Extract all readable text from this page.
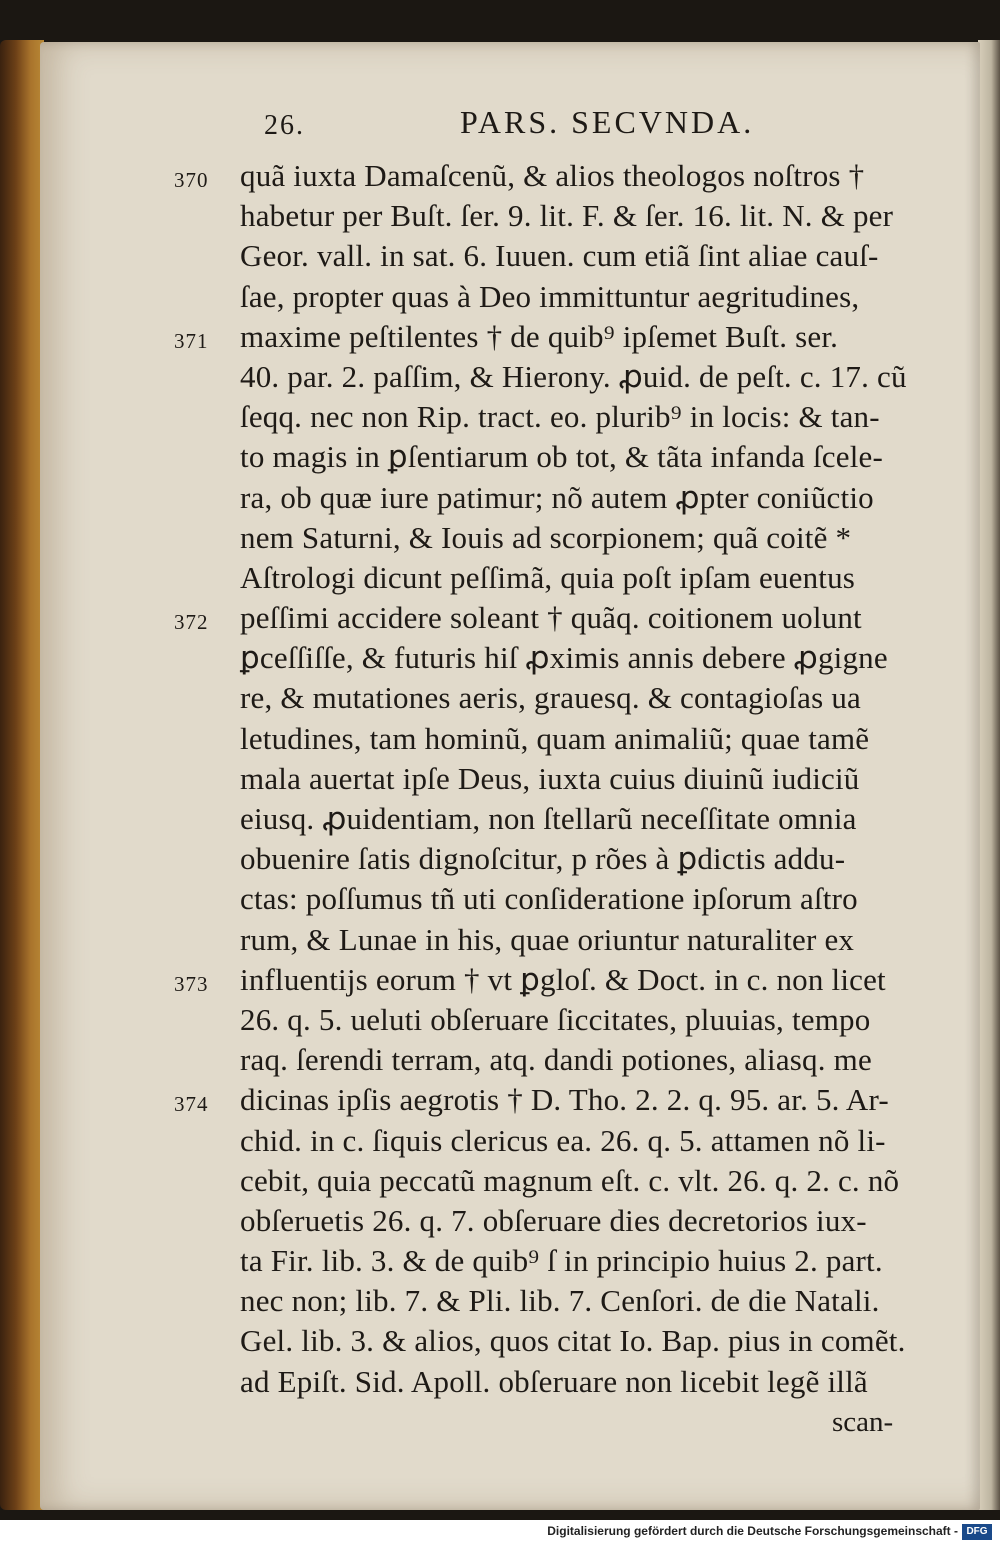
26.	PARS. SECVNDA.
370 quã iuxta Damaſcenũ, & alios theologos noſtros †
habetur per Buſt. ſer. 9. lit. F. & ſer. 16. lit. N. & per
Geor. vall. in sat. 6. Iuuen. cum etiã ſint aliae cauſ-
ſae, propter quas à Deo immittuntur aegritudines,
371 maxime peſtilentes † de quib⁹ ipſemet Buſt. ser.
40. par. 2. paſſim, & Hierony. ꝓuid. de peſt. c. 17. cũ
ſeqq. nec non Rip. tract. eo. plurib⁹ in locis: & tan-
to magis in ꝑſentiarum ob tot, & tãta infanda ſcele-
ra, ob quæ iure patimur; nõ autem ꝓpter coniũctio
nem Saturni, & Iouis ad scorpionem; quã coitẽ *
Aſtrologi dicunt peſſimã, quia poſt ipſam euentus
372 peſſimi accidere soleant † quãq. coitionem uolunt
ꝑceſſiſſe, & futuris hiſ ꝓximis annis debere ꝓgigne
re, & mutationes aeris, grauesq. & contagioſas ua
letudines, tam hominũ, quam animaliũ; quae tamẽ
mala auertat ipſe Deus, iuxta cuius diuinũ iudiciũ
eiusq. ꝓuidentiam, non ſtellarũ neceſſitate omnia
obuenire ſatis dignoſcitur, p rões à ꝑdictis addu-
ctas: poſſumus tñ uti conſideratione ipſorum aſtro
rum, & Lunae in his, quae oriuntur naturaliter ex
373 influentijs eorum † vt ꝑgloſ. & Doct. in c. non licet
26. q. 5. ueluti obſeruare ſiccitates, pluuias, tempo
raq. ſerendi terram, atq. dandi potiones, aliasq. me
374 dicinas ipſis aegrotis † D. Tho. 2. 2. q. 95. ar. 5. Ar-
chid. in c. ſiquis clericus ea. 26. q. 5. attamen nõ li-
cebit, quia peccatũ magnum eſt. c. vlt. 26. q. 2. c. nõ
obſeruetis 26. q. 7. obſeruare dies decretorios iux-
ta Fir. lib. 3. & de quib⁹ ſ in principio huius 2. part.
nec non; lib. 7. & Pli. lib. 7. Cenſori. de die Natali.
Gel. lib. 3. & alios, quos citat Io. Bap. pius in comẽt.
ad Epiſt. Sid. Apoll. obſeruare non licebit legẽ illã
scan-
Digitalisierung gefördert durch die Deutsche Forschungsgemeinschaft - DFG
